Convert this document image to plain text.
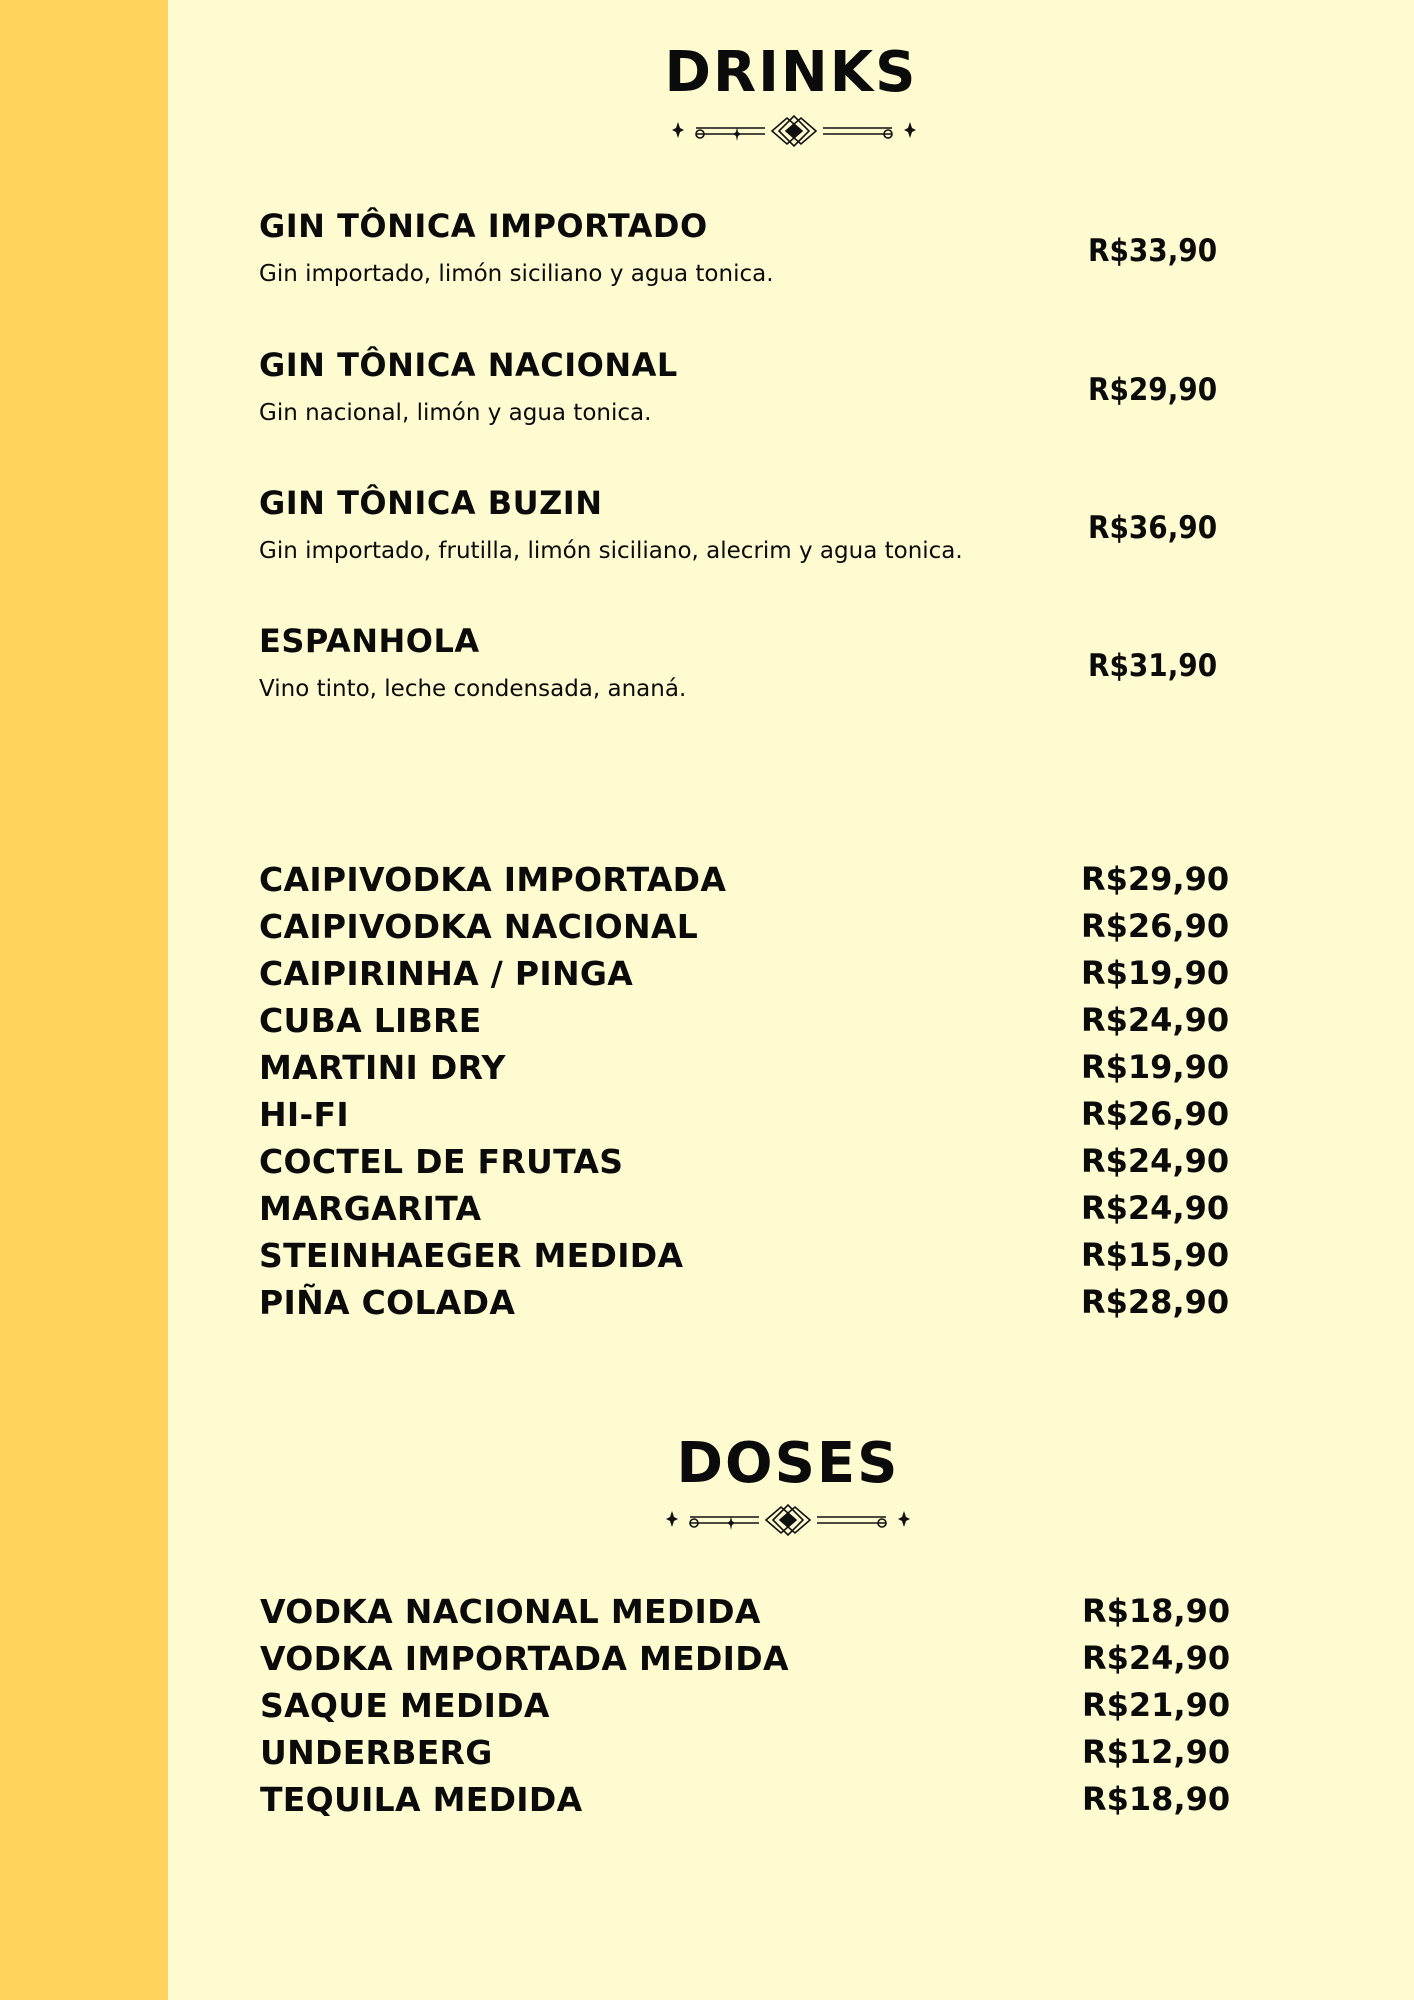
DRINKS
GIN TÔNICA IMPORTADO
Gin importado, limón siciliano y agua tonica.
R$33,90
GIN TÔNICA NACIONAL
Gin nacional, limón y agua tonica.
R$29,90
GIN TÔNICA BUZIN
Gin importado, frutilla, limón siciliano, alecrim y agua tonica.
R$36,90
ESPANHOLA
Vino tinto, leche condensada, ananá.
R$31,90
CAIPIVODKA IMPORTADA	R$29,90
CAIPIVODKA NACIONAL	R$26,90
CAIPIRINHA / PINGA	R$19,90
CUBA LIBRE	R$24,90
MARTINI DRY	R$19,90
HI-FI	R$26,90
COCTEL DE FRUTAS	R$24,90
MARGARITA	R$24,90
STEINHAEGER MEDIDA	R$15,90
PIÑA COLADA	R$28,90
DOSES
VODKA NACIONAL MEDIDA	R$18,90
VODKA IMPORTADA MEDIDA	R$24,90
SAQUE MEDIDA	R$21,90
UNDERBERG	R$12,90
TEQUILA MEDIDA	R$18,90
